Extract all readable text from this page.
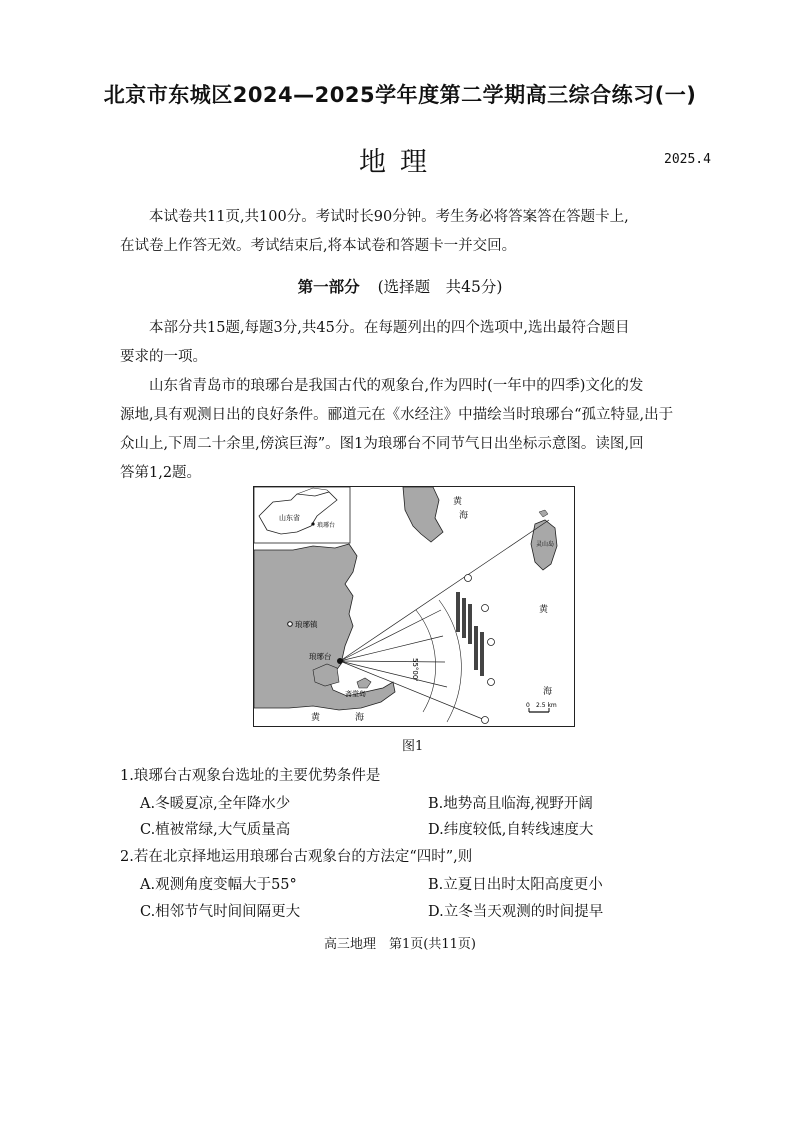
北京市东城区2024—2025学年度第二学期高三综合练习(一)
地理	2025.4
本试卷共11页,共100分。考试时长90分钟。考生务必将答案答在答题卡上,
在试卷上作答无效。考试结束后,将本试卷和答题卡一并交回。
第一部分 (选择题　共45分)
本部分共15题,每题3分,共45分。在每题列出的四个选项中,选出最符合题目
要求的一项。
山东省青岛市的琅琊台是我国古代的观象台,作为四时(一年中的四季)文化的发
源地,具有观测日出的良好条件。郦道元在《水经注》中描绘当时琅琊台“孤立特显,出于
众山上,下周二十余里,傍滨巨海”。图1为琅琊台不同节气日出坐标示意图。读图,回
答第1,2题。
山东省
琅琊台
琅琊镇
55°00'
琅琊台
斋堂岛
灵山岛
黄
海
黄
海
黄	海
0 2.5 km
图1
1.琅琊台古观象台选址的主要优势条件是
A.冬暖夏凉,全年降水少	B.地势高且临海,视野开阔
C.植被常绿,大气质量高	D.纬度较低,自转线速度大
2.若在北京择地运用琅琊台古观象台的方法定“四时”,则
A.观测角度变幅大于55°	B.立夏日出时太阳高度更小
C.相邻节气时间间隔更大	D.立冬当天观测的时间提早
高三地理　第1页(共11页)
